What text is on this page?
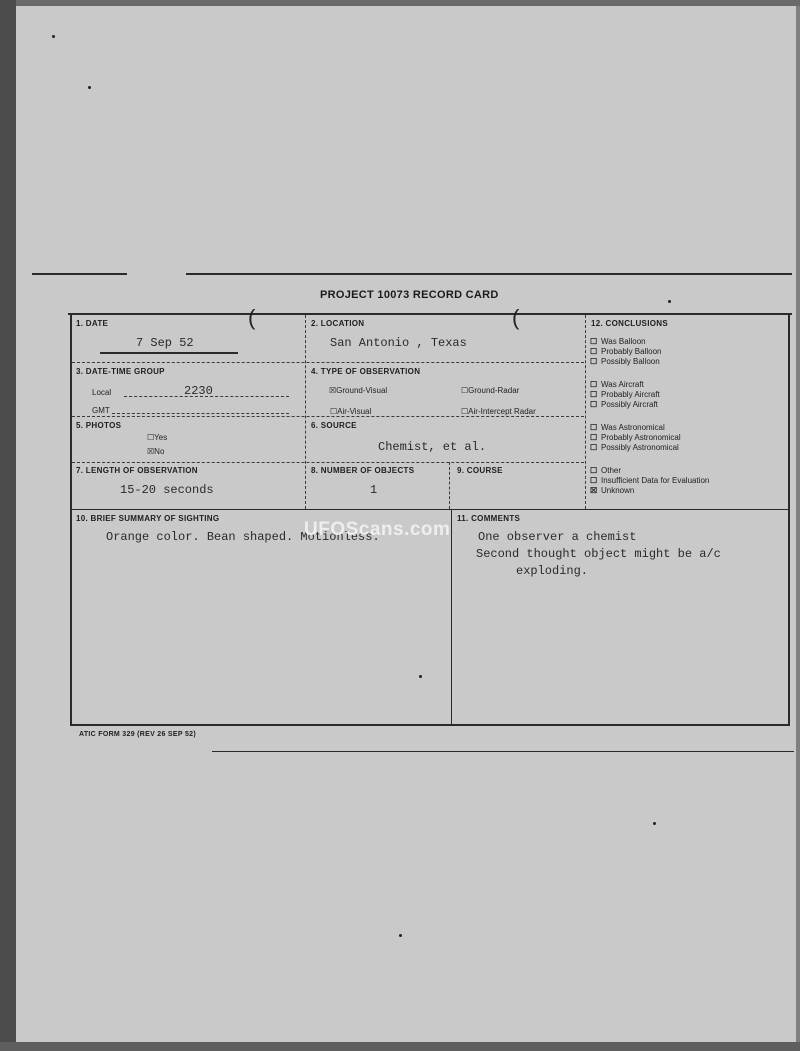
PROJECT 10073 RECORD CARD
(	(
1. DATE
7 Sep 52
2. LOCATION
San Antonio , Texas
3. DATE-TIME GROUP
Local	2230
GMT
4. TYPE OF OBSERVATION
☒Ground-Visual	☐Ground-Radar
☐Air-Visual	☐Air-Intercept Radar
5. PHOTOS
☐Yes
☒No
6. SOURCE
Chemist, et al.
7. LENGTH OF OBSERVATION
15-20 seconds
8. NUMBER OF OBJECTS
1
9. COURSE
10. BRIEF SUMMARY OF SIGHTING
Orange color. Bean shaped. Motionless.
11. COMMENTS
One observer a chemist
Second thought object might be a/c
exploding.
12. CONCLUSIONS
☐ Was Balloon
☐ Probably Balloon
☐ Possibly Balloon
☐ Was Aircraft
☐ Probably Aircraft
☐ Possibly Aircraft
☐ Was Astronomical
☐ Probably Astronomical
☐ Possibly Astronomical
☐ Other
☐ Insufficient Data for Evaluation
☒ Unknown
UFOScans.com
ATIC FORM 329 (REV 26 SEP 52)
